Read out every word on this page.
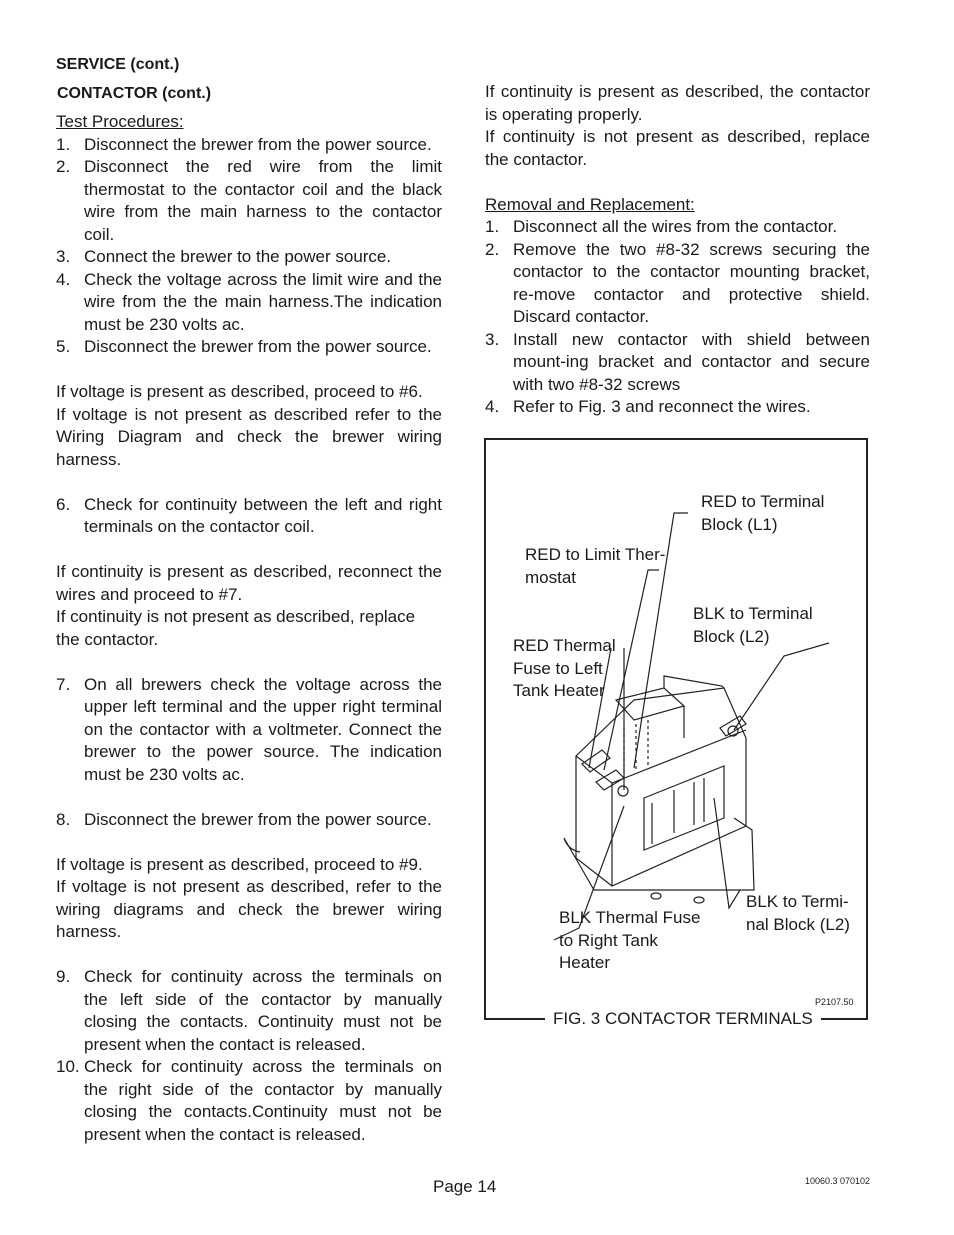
SERVICE (cont.)
CONTACTOR (cont.)
Test Procedures:
1. Disconnect the brewer from the power source.
2. Disconnect the red wire from the limit thermostat to the contactor coil and the black wire from the main harness to the contactor coil.
3. Connect the brewer to the power source.
4. Check the voltage across the limit wire and the wire from the the main harness.The indication must be 230 volts ac.
5. Disconnect the brewer from the power source.

If voltage is present as described, proceed to #6.

If voltage is not present as described refer to the Wiring Diagram and check the brewer wiring harness.

6. Check for continuity between the left and right terminals on the contactor coil.

If continuity is present as described, reconnect the wires and proceed to #7.

If continuity is not present as described, replace the contactor.

7. On all brewers check the voltage across the upper left terminal and the upper right terminal on the contactor with a voltmeter. Connect the brewer to the power source. The indication must be 230 volts ac.
8. Disconnect the brewer from the power source.

If voltage is present as described, proceed to #9.

If voltage is not present as described, refer to the wiring diagrams and check the brewer wiring harness.

9. Check for continuity across the terminals on the left side of the contactor by manually closing the contacts. Continuity must not be present when the contact is released.
10. Check for continuity across the terminals on the right side of the contactor by manually closing the contacts.Continuity must not be present when the contact is released.

If continuity is present as described, the contactor is operating properly.

If continuity is not present as described, replace the contactor.

Removal and Replacement:
1. Disconnect all the wires from the contactor.
2. Remove the two #8-32 screws securing the contactor to the contactor mounting bracket, re-move contactor and protective shield. Discard contactor.
3. Install new contactor with shield between mount-ing bracket and contactor and secure with two #8-32 screws
4. Refer to Fig. 3 and reconnect the wires.
RED to Terminal
Block (L1)
RED to Limit Ther-
mostat
BLK to Terminal
Block (L2)
RED Thermal
Fuse to Left
Tank Heater
BLK Thermal Fuse
to Right Tank
Heater
BLK to Termi-
nal Block (L2)
P2107.50
FIG. 3 CONTACTOR TERMINALS
Page 14	10060.3 070102
